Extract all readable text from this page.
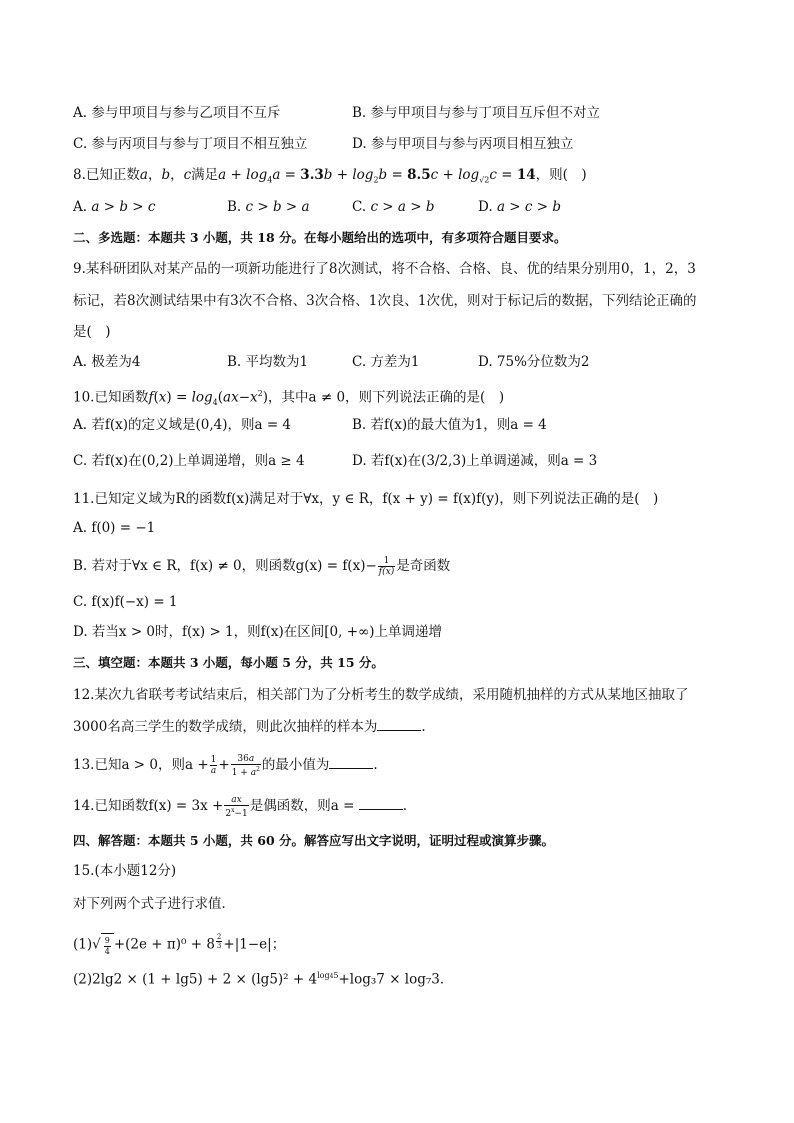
A. 参与甲项目与参与乙项目不互斥	B. 参与甲项目与参与丁项目互斥但不对立
C. 参与丙项目与参与丁项目不相互独立	D. 参与甲项目与参与丙项目相互独立
8.已知正数a，b，c满足$a + \log_4a = 3.3b + \log_2b = 8.5c + \log_{√2}c = 14$，则(　)
A. a > b > c	B. c > b > a	C. c > a > b	D. a > c > b
二、多选题：本题共 3 小题，共 18 分。在每小题给出的选项中，有多项符合题目要求。
9.某科研团队对某产品的一项新功能进行了8次测试，将不合格、合格、良、优的结果分别用0，1，2，3
标记，若8次测试结果中有3次不合格、3次合格、1次良、1次优，则对于标记后的数据，下列结论正确的
是(　)
A. 极差为4	B. 平均数为1	C. 方差为1	D. 75%分位数为2
10.已知函数$f(x) = \log_4(ax-x^2)$，其中a ≠ 0，则下列说法正确的是(　)
A. 若f(x)的定义域是(0,4)，则a = 4	B. 若f(x)的最大值为1，则a = 4
C. 若f(x)在(0,2)上单调递增，则a ≥ 4	D. 若f(x)在(3/2,3)上单调递减，则a = 3
11.已知定义域为R的函数f(x)满足对于∀x，y ∈ R，f(x + y) = f(x)f(y)，则下列说法正确的是(　)
A. f(0) = −1
B. 若对于∀x ∈ R，f(x) ≠ 0，则函数$g(x) = f(x)- \frac{1}{f(x)}$ 是奇函数
C. f(x)f(−x) = 1
D. 若当x > 0时，f(x) > 1，则f(x)在区间[0, +∞)上单调递增
三、填空题：本题共 3 小题，每小题 5 分，共 15 分。
12.某次九省联考考试结束后，相关部门为了分析考生的数学成绩，采用随机抽样的方式从某地区抽取了
3000名高三学生的数学成绩，则此次抽样的样本为	.
13.已知a > 0，则$a + \frac{1}{a} + \frac{36a}{1 + a^2}$ 的最小值为	.
14.已知函数$f(x) = 3x + \frac{ax}{2^x-1}$ 是偶函数，则a =	.
四、解答题：本题共 5 小题，共 60 分。解答应写出文字说明，证明过程或演算步骤。
15.(本小题12分)
对下列两个式子进行求值．
$(1)√ \frac{9}{4} +(2e + \pi)^0 + 8$ $^{\frac{2}{3}}$ +|1−e|；
$(2)2\lg 2 \times (1 + \lg 5) + 2 \times (\lg 5)^2 + 4^{log45}+\log_37 \times \log_73$．
